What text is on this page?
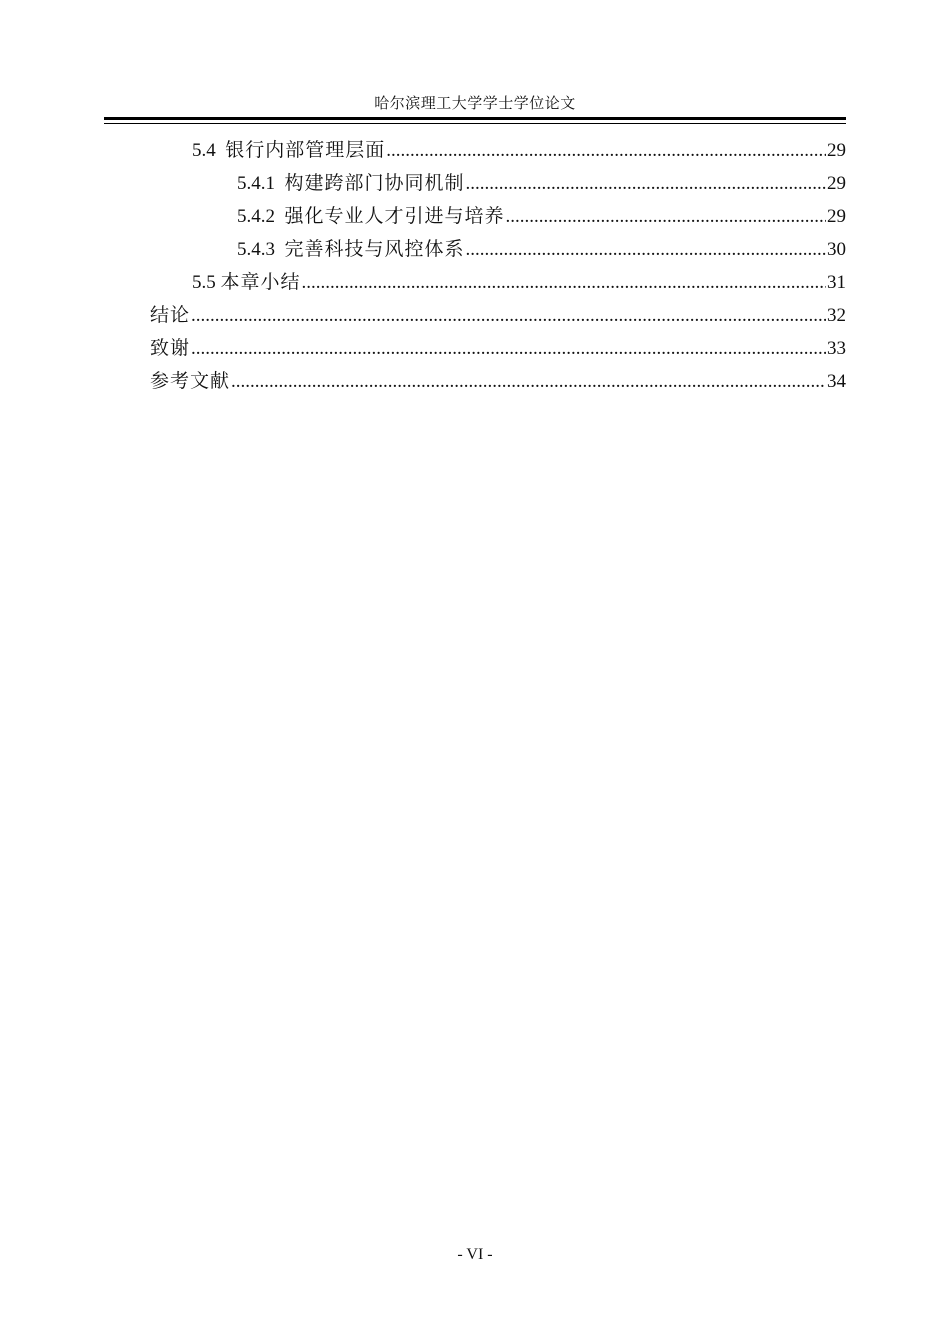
哈尔滨理工大学学士学位论文
5.4 银行内部管理层面 .....	29
5.4.1 构建跨部门协同机制 .....	29
5.4.2 强化专业人才引进与培养 .....	29
5.4.3 完善科技与风控体系 .....	30
5.5 本章小结 .....	31
结论 .....	32
致谢 .....	33
参考文献 .....	34
- VI -
